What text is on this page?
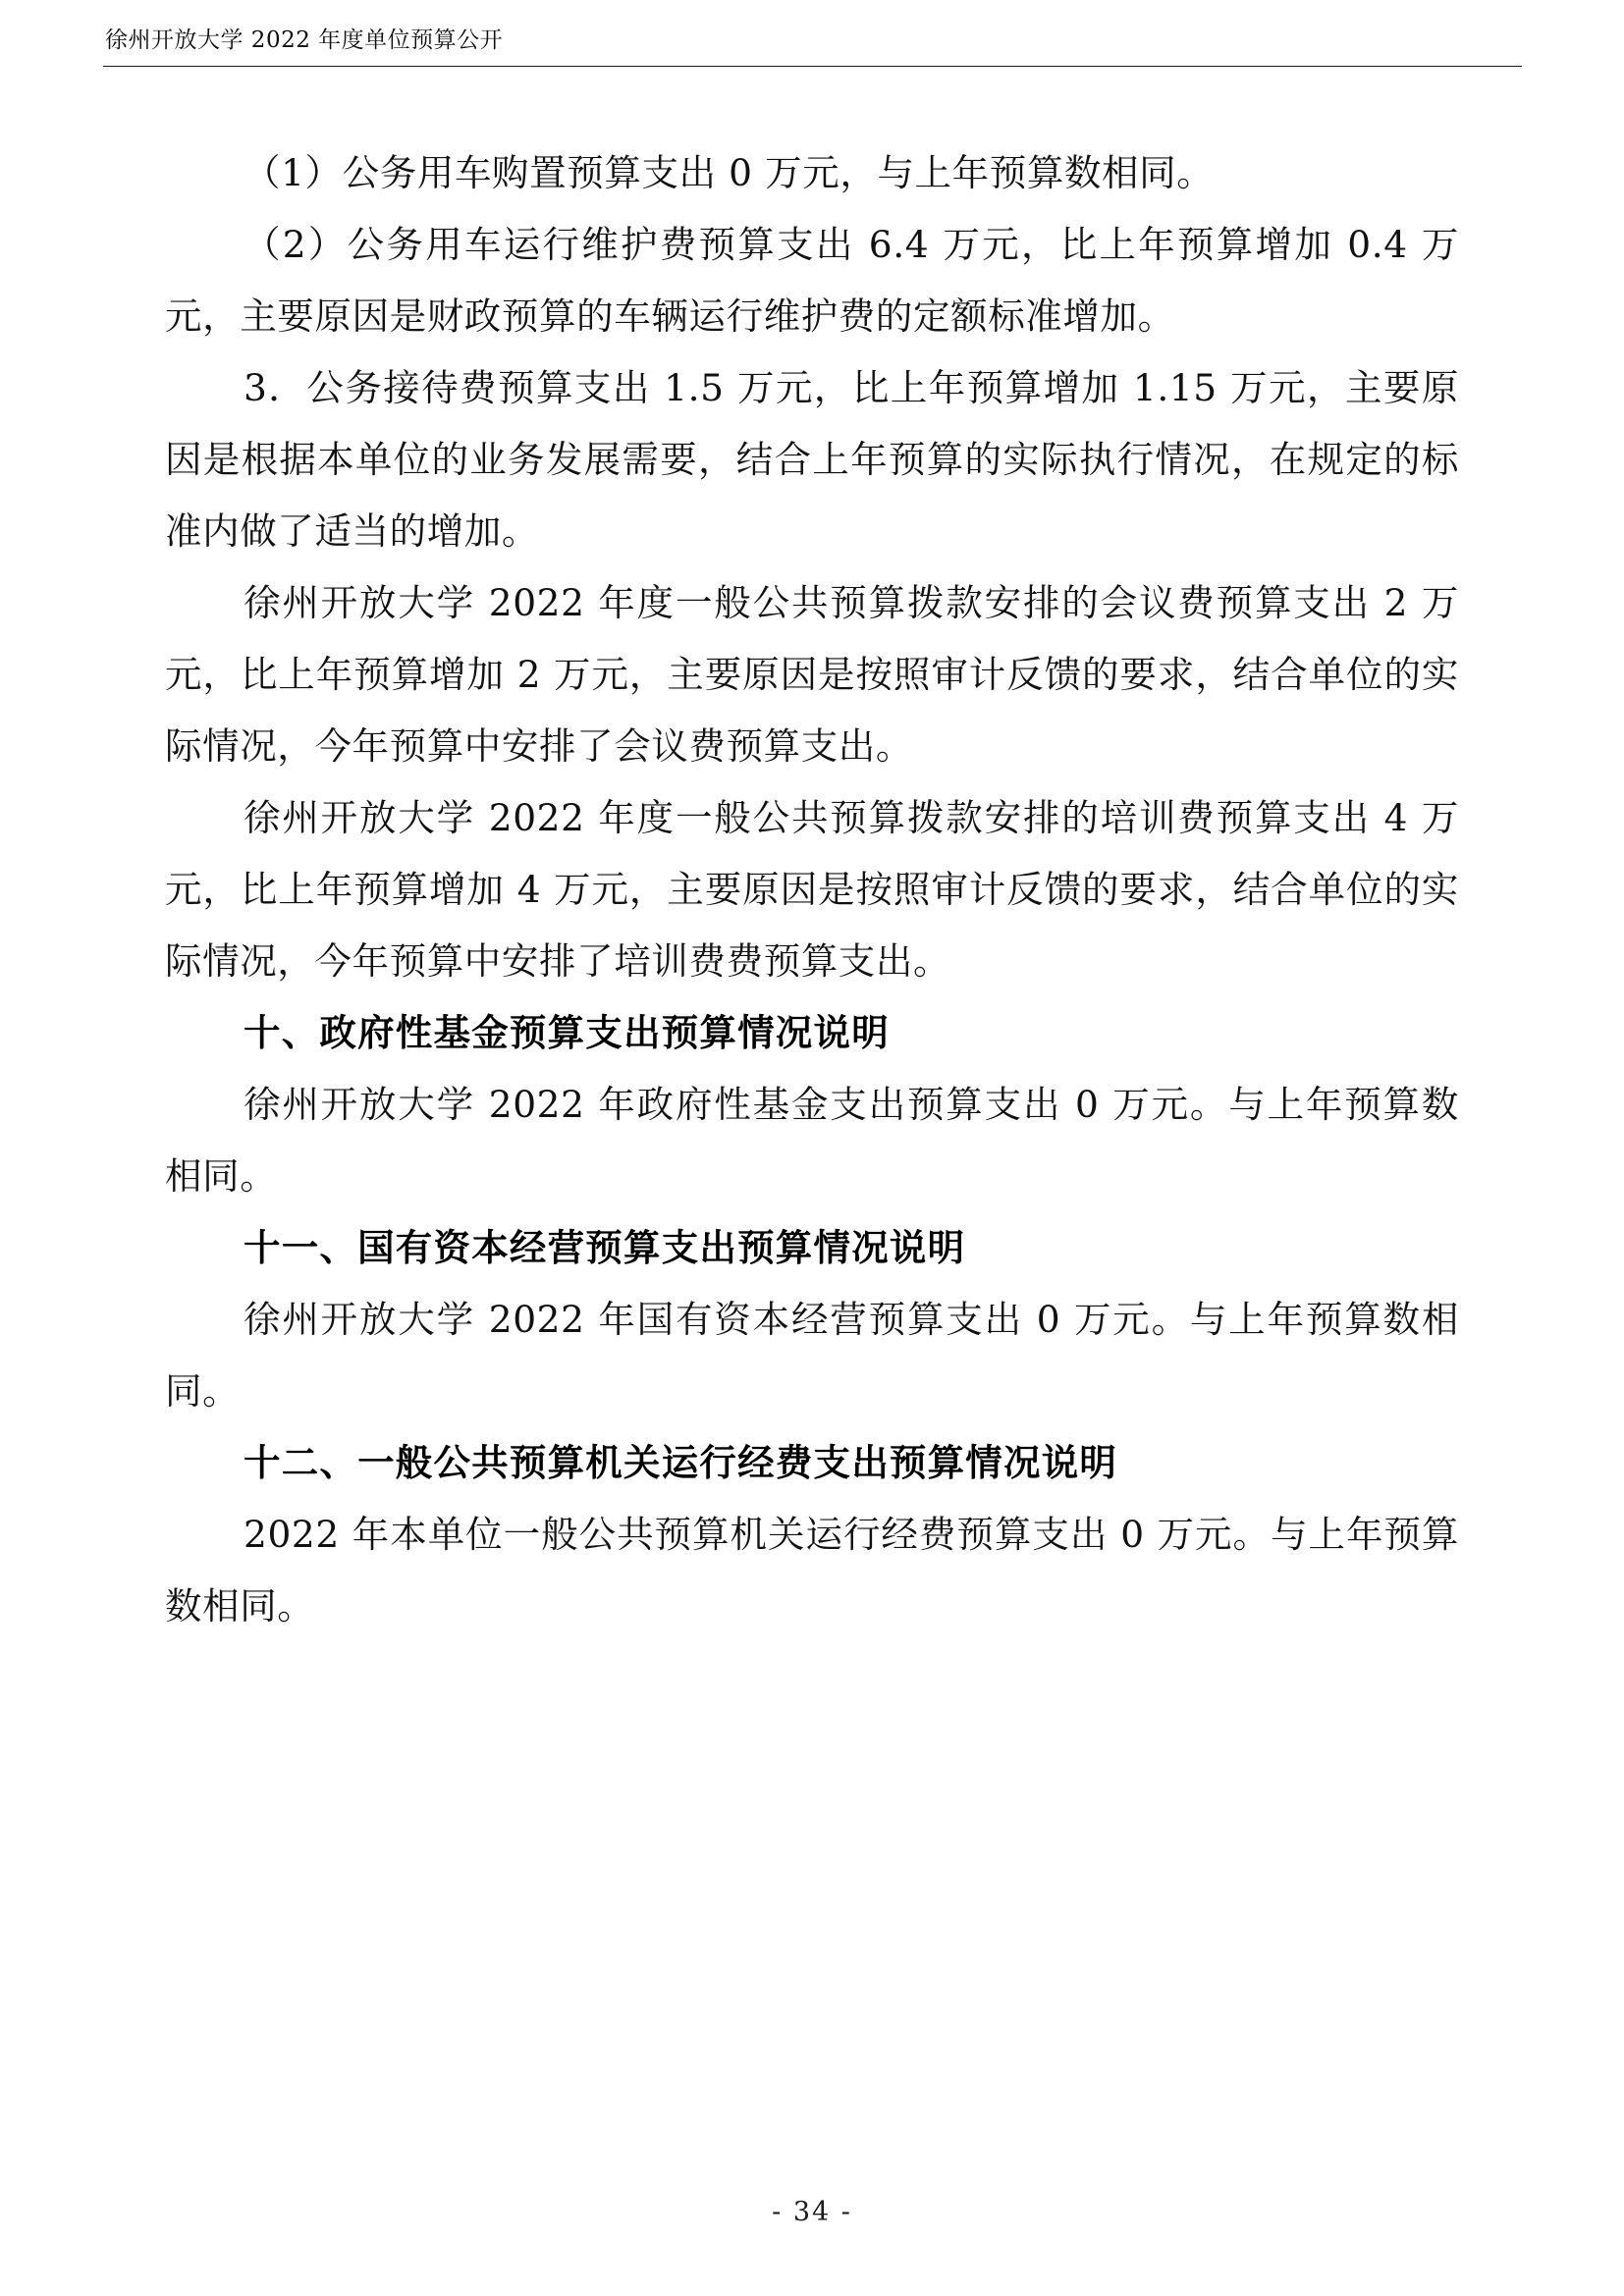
徐州开放大学 2022 年度单位预算公开

（1）公务用车购置预算支出 0 万元，与上年预算数相同。

（2）公务用车运行维护费预算支出 6.4 万元，比上年预算增加 0.4 万元，主要原因是财政预算的车辆运行维护费的定额标准增加。

3．公务接待费预算支出 1.5 万元，比上年预算增加 1.15 万元，主要原因是根据本单位的业务发展需要，结合上年预算的实际执行情况，在规定的标准内做了适当的增加。

徐州开放大学 2022 年度一般公共预算拨款安排的会议费预算支出 2 万元，比上年预算增加 2 万元，主要原因是按照审计反馈的要求，结合单位的实际情况，今年预算中安排了会议费预算支出。

徐州开放大学 2022 年度一般公共预算拨款安排的培训费预算支出 4 万元，比上年预算增加 4 万元，主要原因是按照审计反馈的要求，结合单位的实际情况，今年预算中安排了培训费费预算支出。

十、政府性基金预算支出预算情况说明

徐州开放大学 2022 年政府性基金支出预算支出 0 万元。与上年预算数相同。

十一、国有资本经营预算支出预算情况说明

徐州开放大学 2022 年国有资本经营预算支出 0 万元。与上年预算数相同。

十二、一般公共预算机关运行经费支出预算情况说明

2022 年本单位一般公共预算机关运行经费预算支出 0 万元。与上年预算数相同。

- 34 -
